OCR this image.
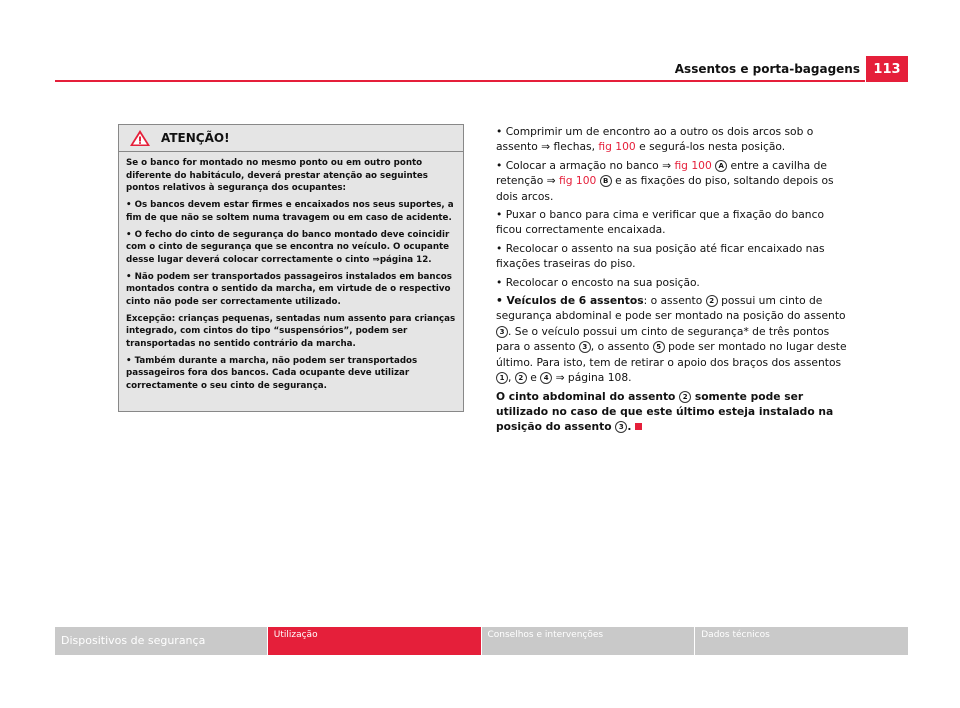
Assentos e porta-bagagens	113
ATENÇÃO!

Se o banco for montado no mesmo ponto ou em outro ponto diferente do habitáculo, deverá prestar atenção ao seguintes pontos relativos à segurança dos ocupantes:

• Os bancos devem estar firmes e encaixados nos seus suportes, a fim de que não se soltem numa travagem ou em caso de acidente.

• O fecho do cinto de segurança do banco montado deve coincidir com o cinto de segurança que se encontra no veículo. O ocupante desse lugar deverá colocar correctamente o cinto ⇒página 12.

• Não podem ser transportados passageiros instalados em bancos montados contra o sentido da marcha, em virtude de o respectivo cinto não pode ser correctamente utilizado.

Excepção: crianças pequenas, sentadas num assento para crianças integrado, com cintos do tipo “suspensórios”, podem ser transportadas no sentido contrário da marcha.

• Também durante a marcha, não podem ser transportados passageiros fora dos bancos. Cada ocupante deve utilizar correctamente o seu cinto de segurança.

• Comprimir um de encontro ao a outro os dois arcos sob o assento ⇒ flechas, fig 100 e segurá-los nesta posição.

• Colocar a armação no banco ⇒ fig 100 A entre a cavilha de retenção ⇒ fig 100 B e as fixações do piso, soltando depois os dois arcos.

• Puxar o banco para cima e verificar que a fixação do banco ficou correctamente encaixada.

• Recolocar o assento na sua posição até ficar encaixado nas fixações traseiras do piso.

• Recolocar o encosto na sua posição.

• Veículos de 6 assentos: o assento 2 possui um cinto de segurança abdominal e pode ser montado na posição do assento 3 . Se o veículo possui um cinto de segurança* de três pontos para o assento 3 , o assento 5 pode ser montado no lugar deste último. Para isto, tem de retirar o apoio dos braços dos assentos 1 , 2 e 4 ⇒ página 108.

O cinto abdominal do assento 2 somente pode ser utilizado no caso de que este último esteja instalado na posição do assento 3 .

Dispositivos de segurança	Utilização	Conselhos e intervenções	Dados técnicos
